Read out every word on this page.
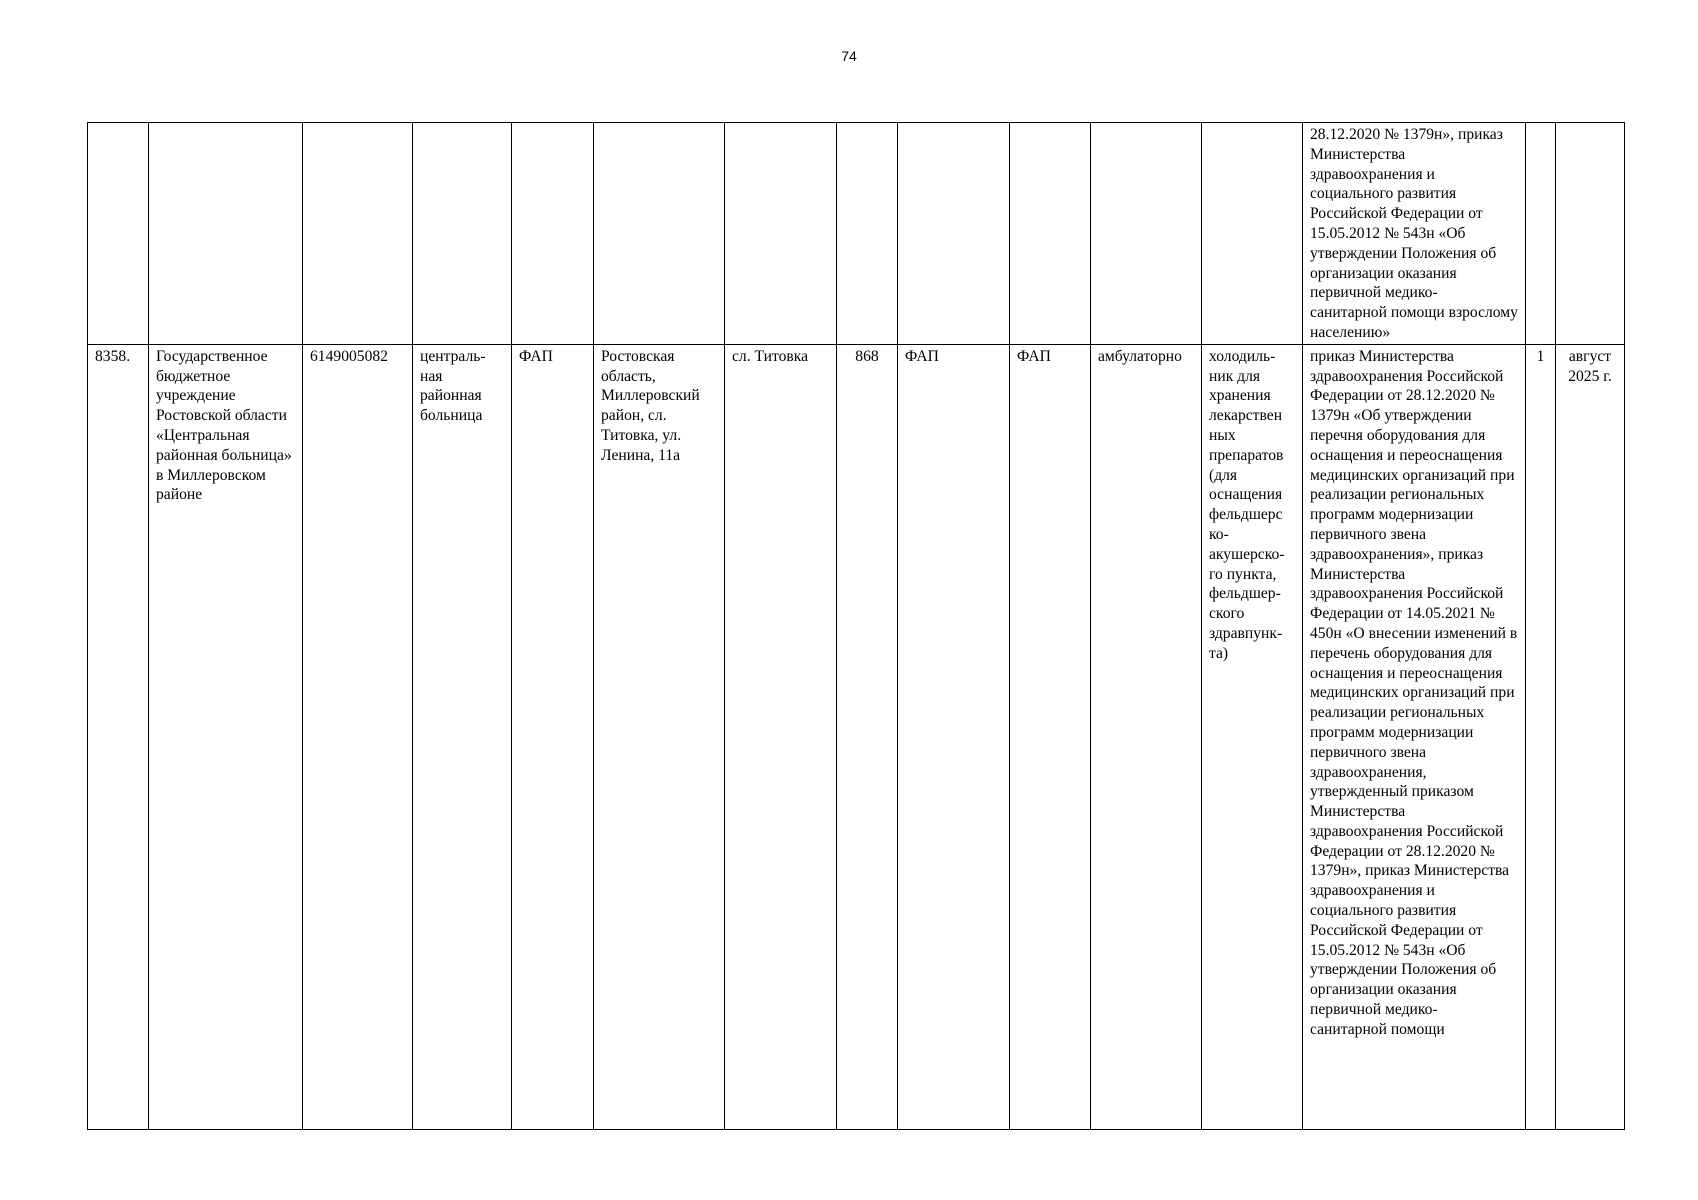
74
												28.12.2020 № 1379н», приказ Министерства здравоохранения и социального развития Российской Федерации от 15.05.2012 № 543н «Об утверждении Положения об организации оказания первичной медико- санитарной помощи взрослому населению»		
8358.	Государственное бюджетное учреждение Ростовской области «Центральная районная больница» в Миллеровском районе	6149005082	централь- ная районная больница	ФАП	Ростовская область, Миллеровский район, сл. Титовка, ул. Ленина, 11а	сл. Титовка	868	ФАП	ФАП	амбулаторно	холодиль- ник для хранения лекарствен ных препаратов (для оснащения фельдшерс ко- акушерско- го пункта, фельдшер- ского здравпунк- та)	приказ Министерства здравоохранения Российской Федерации от 28.12.2020 № 1379н «Об утверждении перечня оборудования для оснащения и переоснащения медицинских организаций при реализации региональных программ модернизации первичного звена здравоохранения», приказ Министерства здравоохранения Российской Федерации от 14.05.2021 № 450н «О внесении изменений в перечень оборудования для оснащения и переоснащения медицинских организаций при реализации региональных программ модернизации первичного звена здравоохранения, утвержденный приказом Министерства здравоохранения Российской Федерации от 28.12.2020 № 1379н», приказ Министерства здравоохранения и социального развития Российской Федерации от 15.05.2012 № 543н «Об утверждении Положения об организации оказания первичной медико- санитарной помощи	1	август 2025 г.
